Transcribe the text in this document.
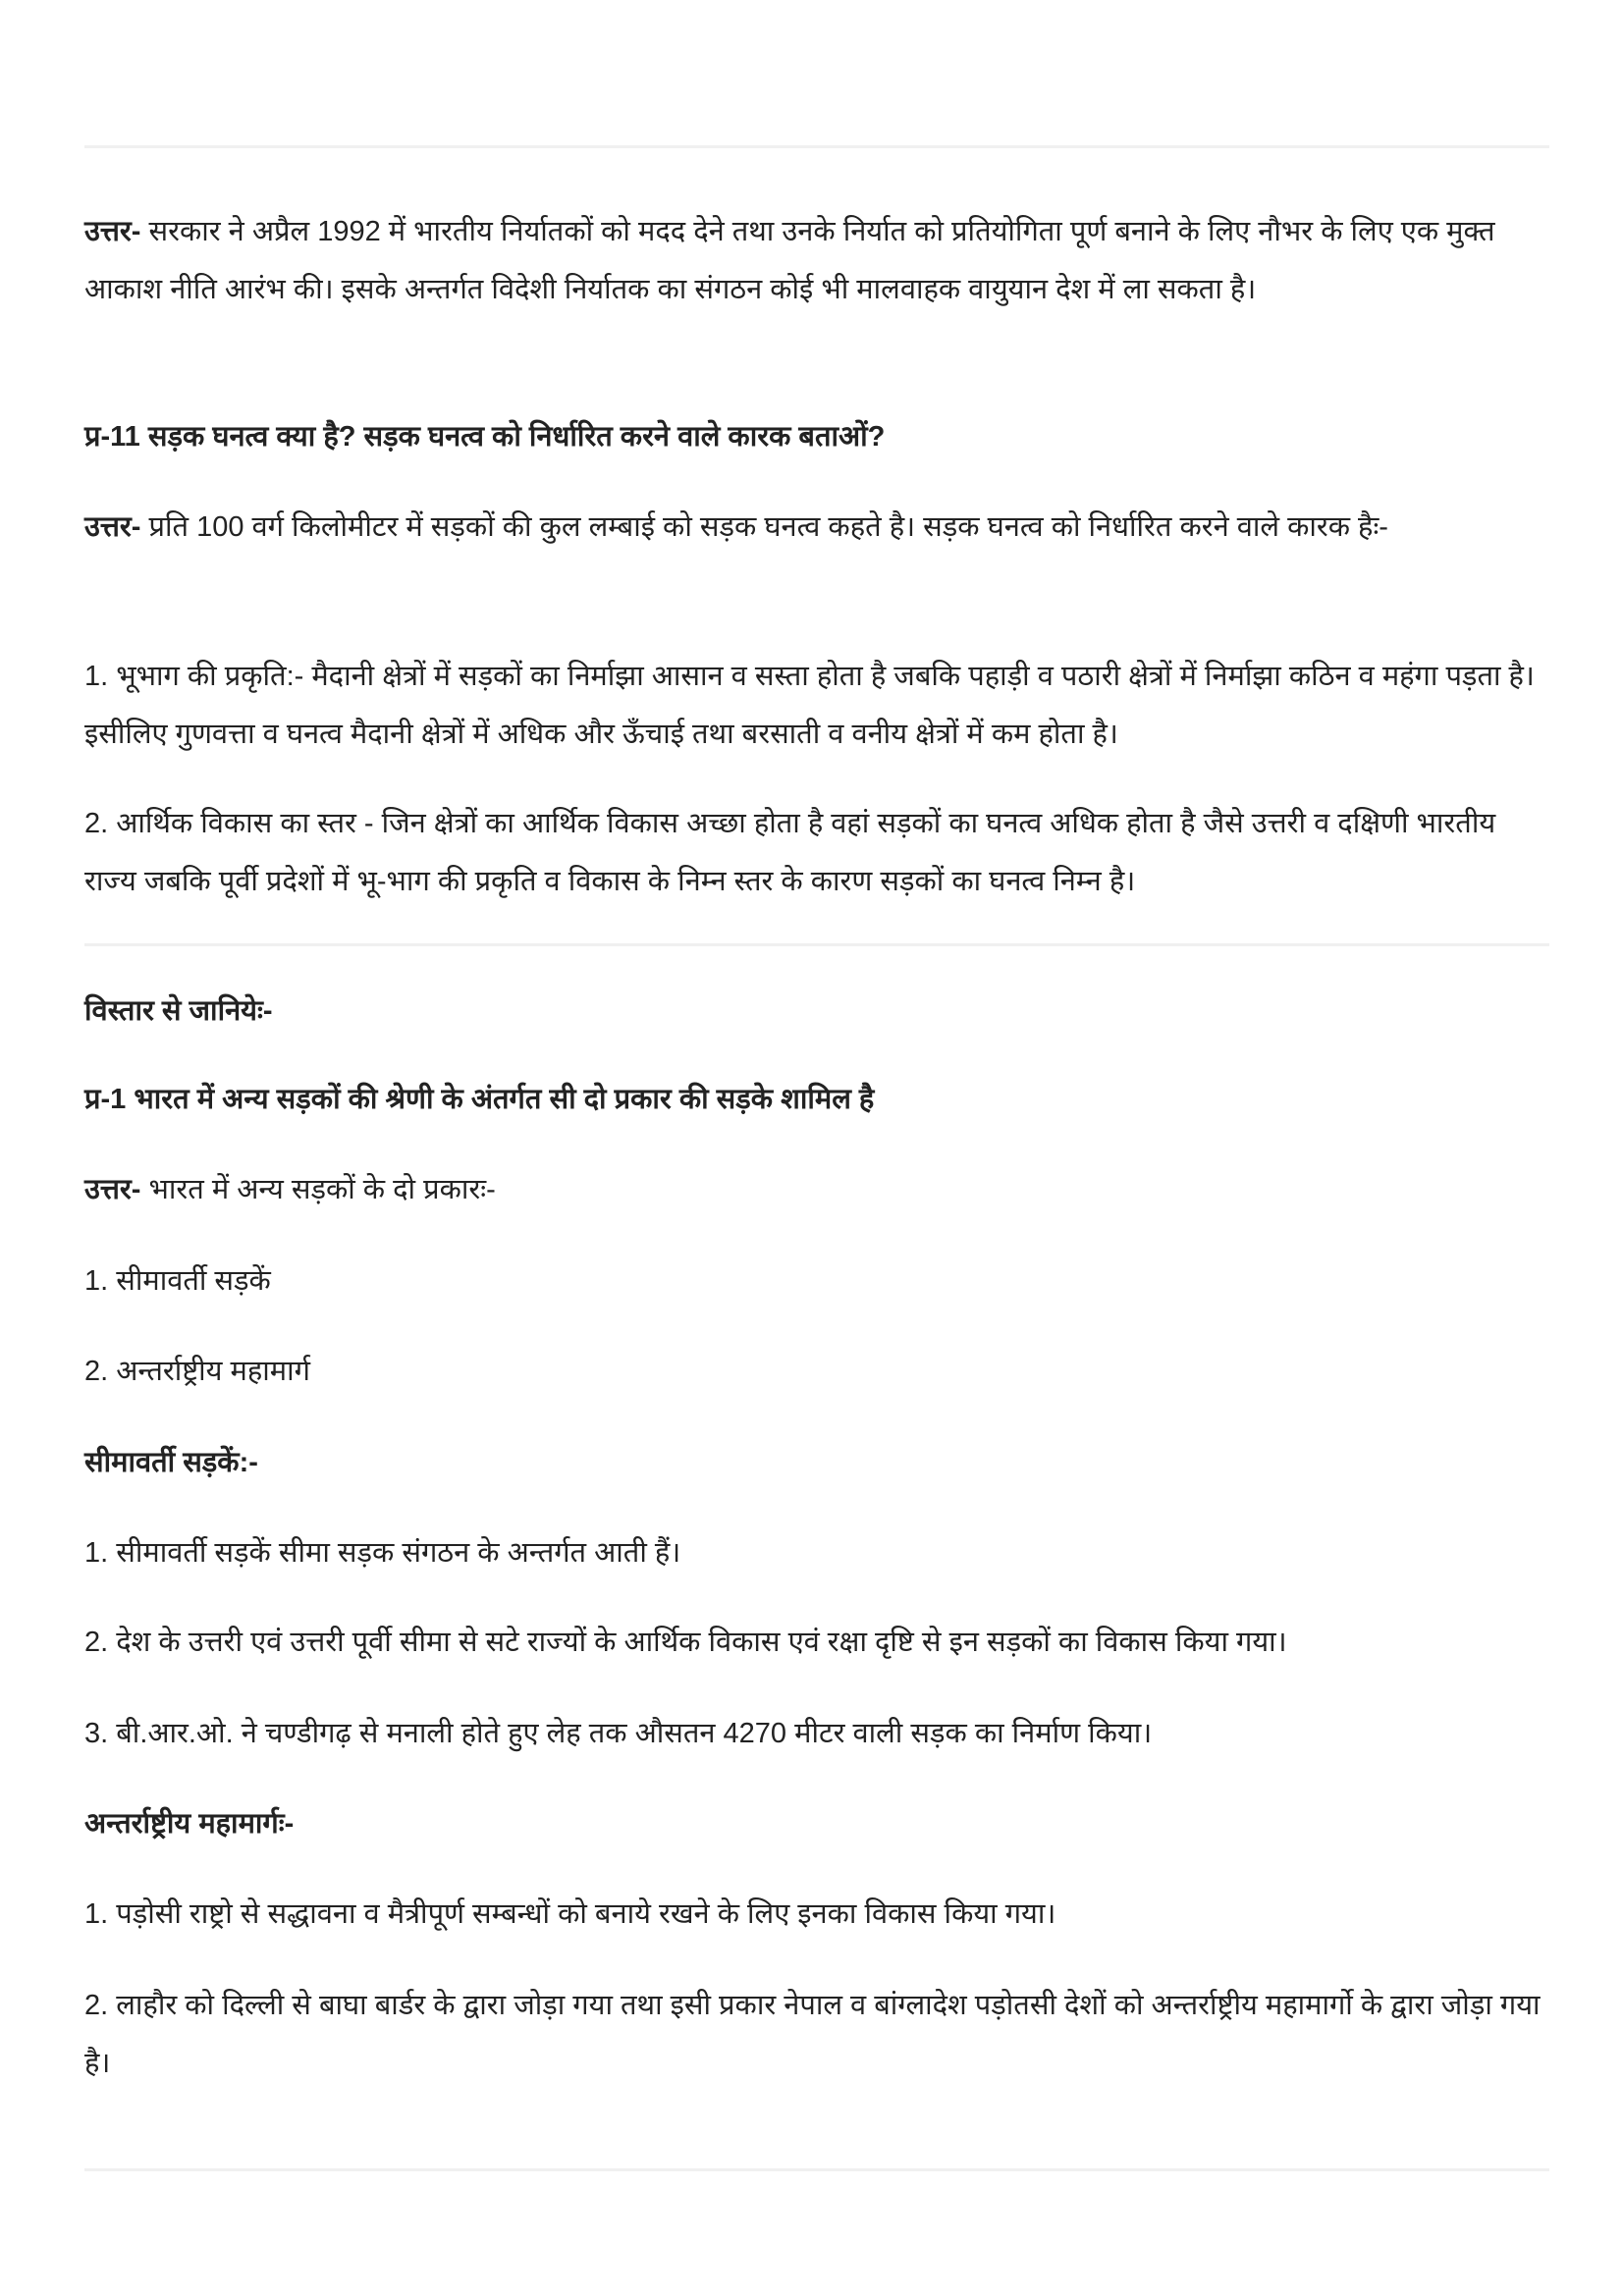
उत्तर- सरकार ने अप्रैल 1992 में भारतीय निर्यातकों को मदद देने तथा उनके निर्यात को प्रतियोगिता पूर्ण बनाने के लिए नौभर के लिए एक मुक्त आकाश नीति आरंभ की। इसके अन्तर्गत विदेशी निर्यातक का संगठन कोई भी मालवाहक वायुयान देश में ला सकता है।

प्र-11 सड़क घनत्व क्या है? सड़क घनत्व को निर्धारित करने वाले कारक बताओं?

उत्तर- प्रति 100 वर्ग किलोमीटर में सड़कों की कुल लम्बाई को सड़क घनत्व कहते है। सड़क घनत्व को निर्धारित करने वाले कारक हैः-

1. भूभाग की प्रकृति:- मैदानी क्षेत्रों में सड़कों का निर्माझा आसान व सस्ता होता है जबकि पहाड़ी व पठारी क्षेत्रों में निर्माझा कठिन व महंगा पड़ता है। इसीलिए गुणवत्ता व घनत्व मैदानी क्षेत्रों में अधिक और ऊँचाई तथा बरसाती व वनीय क्षेत्रों में कम होता है।

2. आर्थिक विकास का स्तर - जिन क्षेत्रों का आर्थिक विकास अच्छा होता है वहां सड़कों का घनत्व अधिक होता है जैसे उत्तरी व दक्षिणी भारतीय राज्य जबकि पूर्वी प्रदेशों में भू-भाग की प्रकृति व विकास के निम्न स्तर के कारण सड़कों का घनत्व निम्न है।

विस्तार से जानियेः-

प्र-1 भारत में अन्य सड़कों की श्रेणी के अंतर्गत सी दो प्रकार की सड़के शामिल है

उत्तर- भारत में अन्य सड़कों के दो प्रकारः-

1. सीमावर्ती सड़कें

2. अन्तर्राष्ट्रीय महामार्ग

सीमावर्ती सड़कें:-

1. सीमावर्ती सड़कें सीमा सड़क संगठन के अन्तर्गत आती हैं।

2. देश के उत्तरी एवं उत्तरी पूर्वी सीमा से सटे राज्यों के आर्थिक विकास एवं रक्षा दृष्टि से इन सड़कों का विकास किया गया।

3. बी.आर.ओ. ने चण्डीगढ़ से मनाली होते हुए लेह तक औसतन 4270 मीटर वाली सड़क का निर्माण किया।

अन्तर्राष्ट्रीय महामार्गः-

1. पड़ोसी राष्ट्रो से सद्धावना व मैत्रीपूर्ण सम्बन्धों को बनाये रखने के लिए इनका विकास किया गया।

2. लाहौर को दिल्ली से बाघा बार्डर के द्वारा जोड़ा गया तथा इसी प्रकार नेपाल व बांग्लादेश पड़ोतसी देशों को अन्तर्राष्ट्रीय महामार्गो के द्वारा जोड़ा गया है।
